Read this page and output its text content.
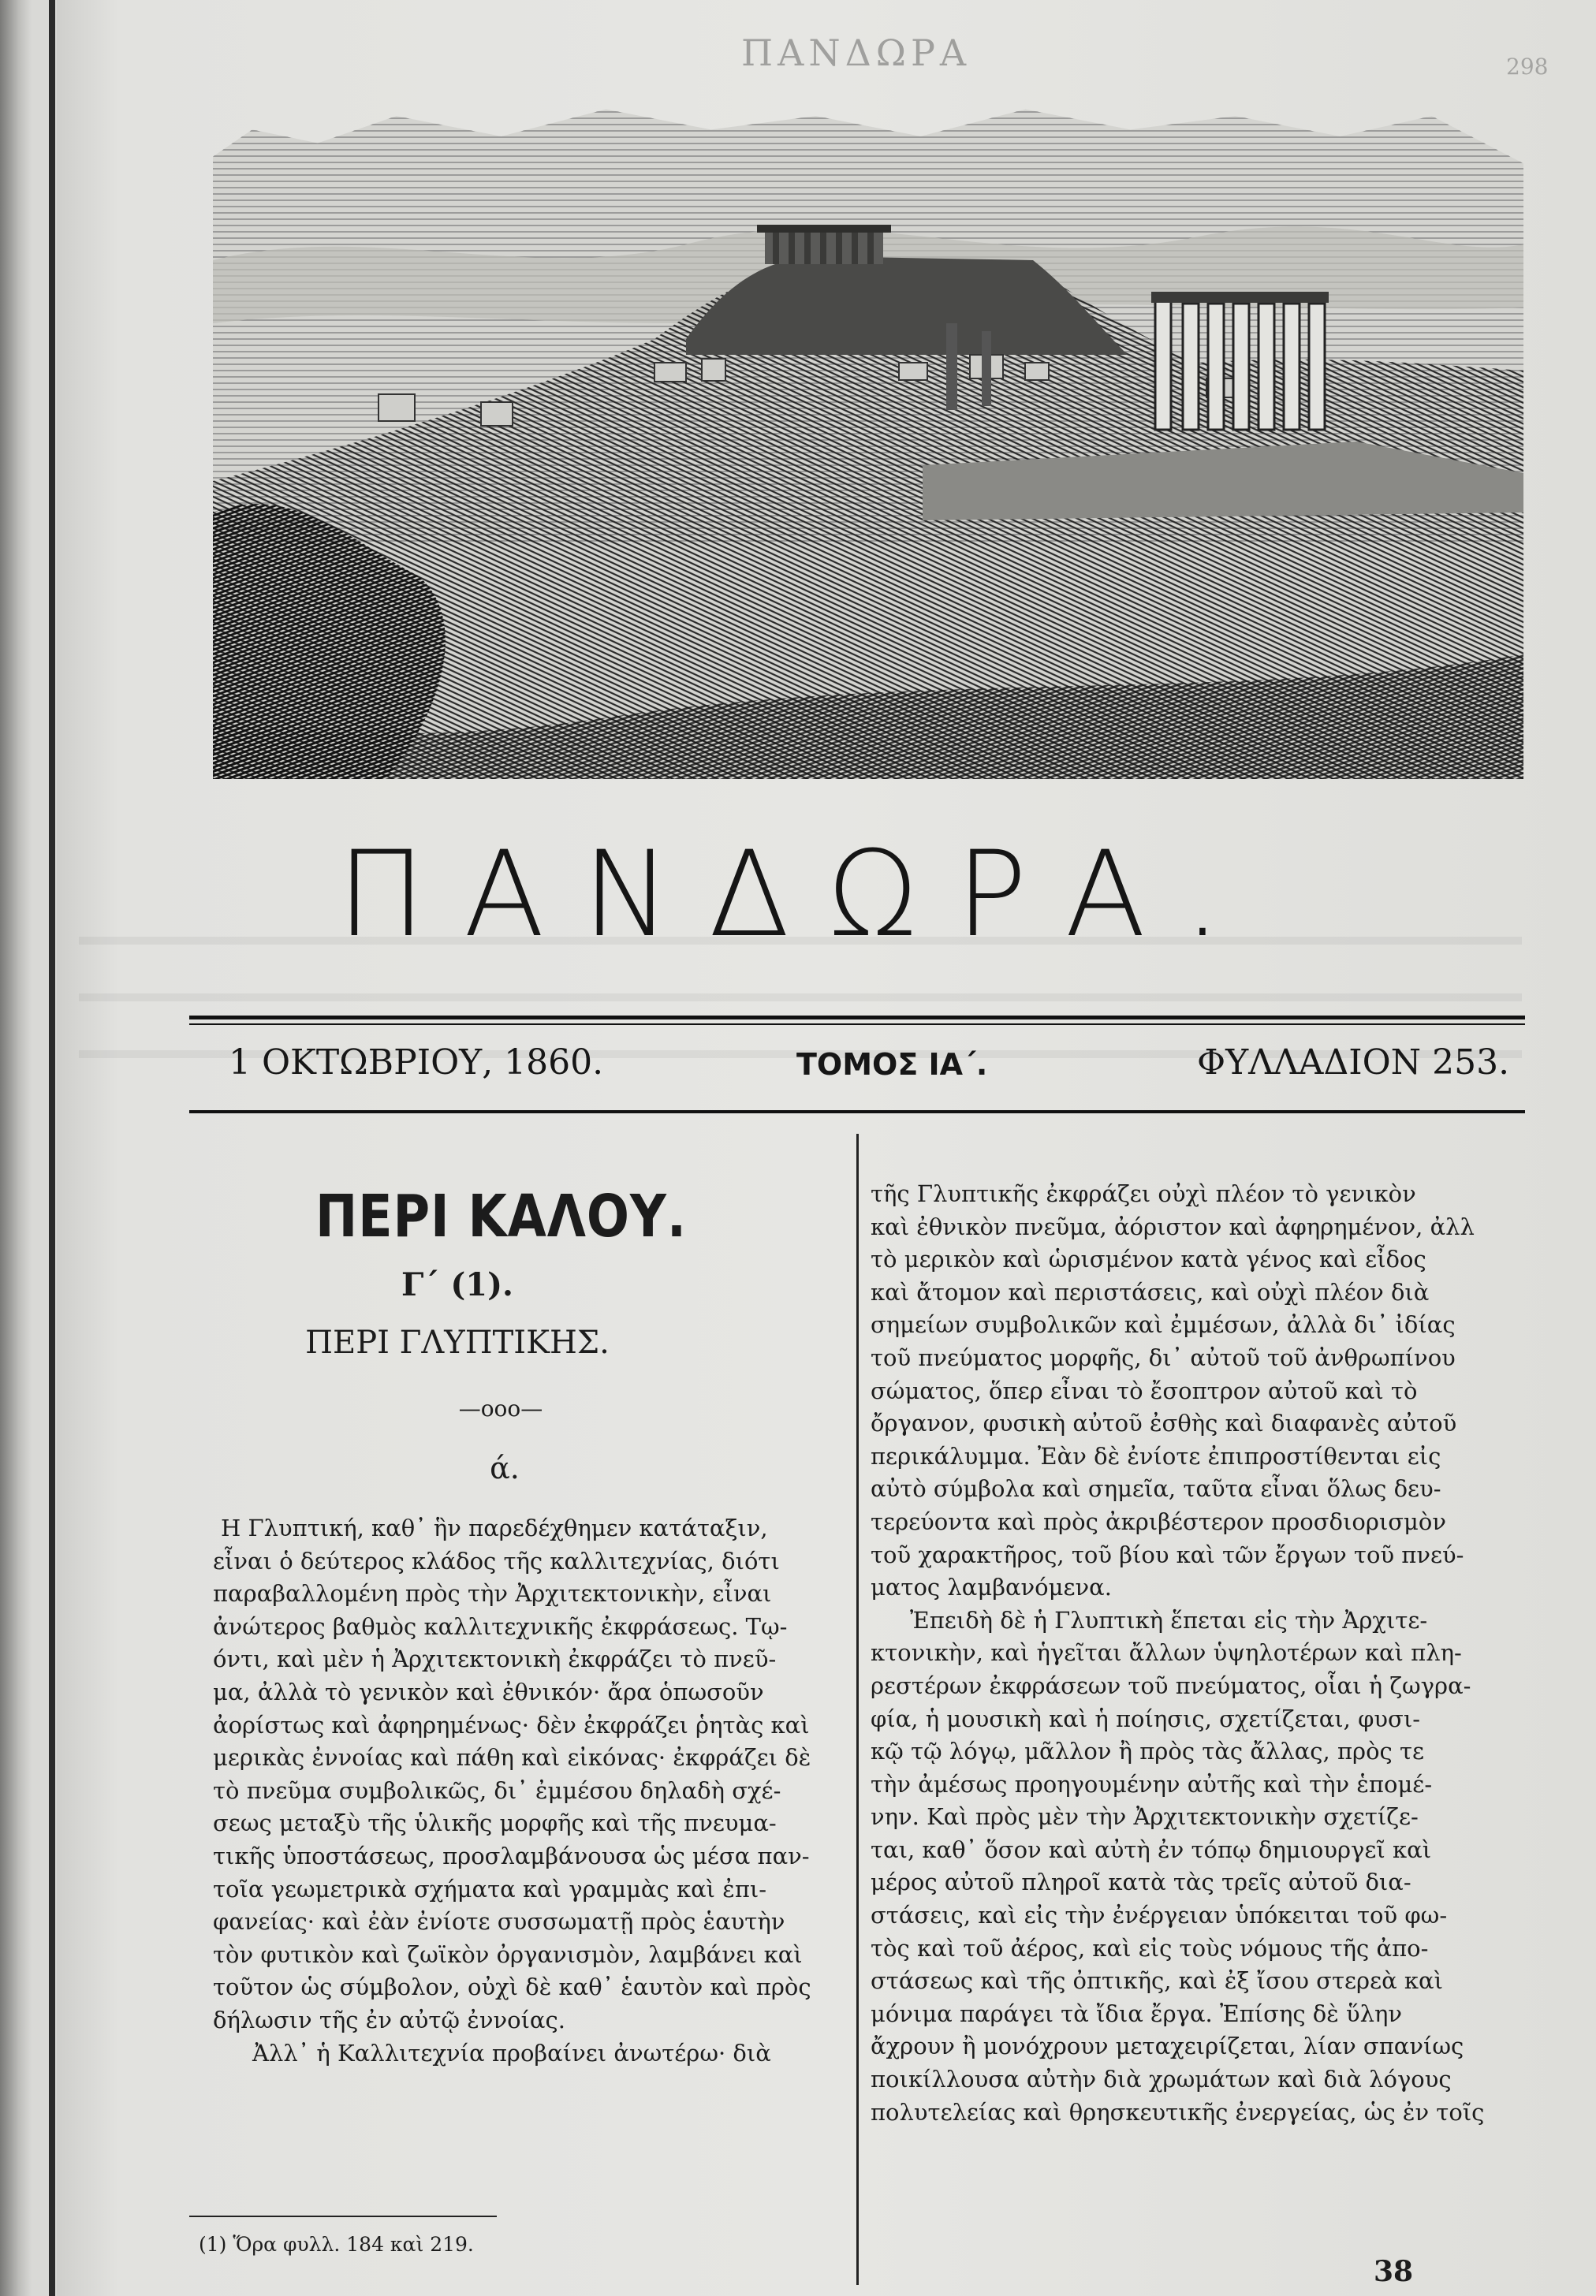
ΠΑΝΔΩΡΑ	298
ΠΑΝΔΩΡΑ.
1 ΟΚΤΩΒΡΙΟΥ, 1860.	ΤΟΜΟΣ ΙΑ΄.	ΦΥΛΛΑΔΙΟΝ 253.
ΠΕΡΙ ΚΑΛΟΥ.
Γ΄ (1).
ΠΕΡΙ ΓΛΥΠΤΙΚΗΣ.
—οοο—
ά.
Η Γλυπτική, καθ᾽ ἣν παρεδέχθημεν κατάταξιν,
εἶναι ὁ δεύτερος κλάδος τῆς καλλιτεχνίας, διότι
παραβαλλομένη πρὸς τὴν Ἀρχιτεκτονικὴν, εἶναι
ἀνώτερος βαθμὸς καλλιτεχνικῆς ἐκφράσεως. Τῳ-
όντι, καὶ μὲν ἡ Ἀρχιτεκτονικὴ ἐκφράζει τὸ πνεῦ-
μα, ἀλλὰ τὸ γενικὸν καὶ ἐθνικόν· ἄρα ὁπωσοῦν
ἀορίστως καὶ ἀφηρημένως· δὲν ἐκφράζει ῥητὰς καὶ
μερικὰς ἐννοίας καὶ πάθη καὶ εἰκόνας· ἐκφράζει δὲ
τὸ πνεῦμα συμβολικῶς, δι᾽ ἐμμέσου δηλαδὴ σχέ-
σεως μεταξὺ τῆς ὑλικῆς μορφῆς καὶ τῆς πνευμα-
τικῆς ὑποστάσεως, προσλαμβάνουσα ὡς μέσα παν-
τοῖα γεωμετρικὰ σχήματα καὶ γραμμὰς καὶ ἐπι-
φανείας· καὶ ἐὰν ἐνίοτε συσσωματῇ πρὸς ἑαυτὴν
τὸν φυτικὸν καὶ ζωϊκὸν ὀργανισμὸν, λαμβάνει καὶ
τοῦτον ὡς σύμβολον, οὐχὶ δὲ καθ᾽ ἑαυτὸν καὶ πρὸς
δήλωσιν τῆς ἐν αὐτῷ ἐννοίας.
Ἀλλ᾽ ἡ Καλλιτεχνία προβαίνει ἀνωτέρω· διὰ
τῆς Γλυπτικῆς ἐκφράζει οὐχὶ πλέον τὸ γενικὸν
καὶ ἐθνικὸν πνεῦμα, ἀόριστον καὶ ἀφηρημένον, ἀλλ
τὸ μερικὸν καὶ ὡρισμένον κατὰ γένος καὶ εἶδος
καὶ ἄτομον καὶ περιστάσεις, καὶ οὐχὶ πλέον διὰ
σημείων συμβολικῶν καὶ ἐμμέσων, ἀλλὰ δι᾽ ἰδίας
τοῦ πνεύματος μορφῆς, δι᾽ αὐτοῦ τοῦ ἀνθρωπίνου
σώματος, ὅπερ εἶναι τὸ ἔσοπτρον αὐτοῦ καὶ τὸ
ὄργανον, φυσικὴ αὐτοῦ ἐσθὴς καὶ διαφανὲς αὐτοῦ
περικάλυμμα. Ἐὰν δὲ ἐνίοτε ἐπιπροστίθενται εἰς
αὐτὸ σύμβολα καὶ σημεῖα, ταῦτα εἶναι ὅλως δευ-
τερεύοντα καὶ πρὸς ἀκριβέστερον προσδιορισμὸν
τοῦ χαρακτῆρος, τοῦ βίου καὶ τῶν ἔργων τοῦ πνεύ-
ματος λαμβανόμενα.
Ἐπειδὴ δὲ ἡ Γλυπτικὴ ἕπεται εἰς τὴν Ἀρχιτε-
κτονικὴν, καὶ ἡγεῖται ἄλλων ὑψηλοτέρων καὶ πλη-
ρεστέρων ἐκφράσεων τοῦ πνεύματος, οἷαι ἡ ζωγρα-
φία, ἡ μουσικὴ καὶ ἡ ποίησις, σχετίζεται, φυσι-
κῷ τῷ λόγῳ, μᾶλλον ἢ πρὸς τὰς ἄλλας, πρὸς τε
τὴν ἀμέσως προηγουμένην αὐτῆς καὶ τὴν ἑπομέ-
νην. Καὶ πρὸς μὲν τὴν Ἀρχιτεκτονικὴν σχετίζε-
ται, καθ᾽ ὅσον καὶ αὐτὴ ἐν τόπῳ δημιουργεῖ καὶ
μέρος αὐτοῦ πληροῖ κατὰ τὰς τρεῖς αὐτοῦ δια-
στάσεις, καὶ εἰς τὴν ἐνέργειαν ὑπόκειται τοῦ φω-
τὸς καὶ τοῦ ἀέρος, καὶ εἰς τοὺς νόμους τῆς ἀπο-
στάσεως καὶ τῆς ὀπτικῆς, καὶ ἐξ ἴσου στερεὰ καὶ
μόνιμα παράγει τὰ ἴδια ἔργα. Ἐπίσης δὲ ὕλην
ἄχρουν ἢ μονόχρουν μεταχειρίζεται, λίαν σπανίως
ποικίλλουσα αὐτὴν διὰ χρωμάτων καὶ διὰ λόγους
πολυτελείας καὶ θρησκευτικῆς ἐνεργείας, ὡς ἐν τοῖς
(1) Ὅρα φυλλ. 184 καὶ 219.
38
